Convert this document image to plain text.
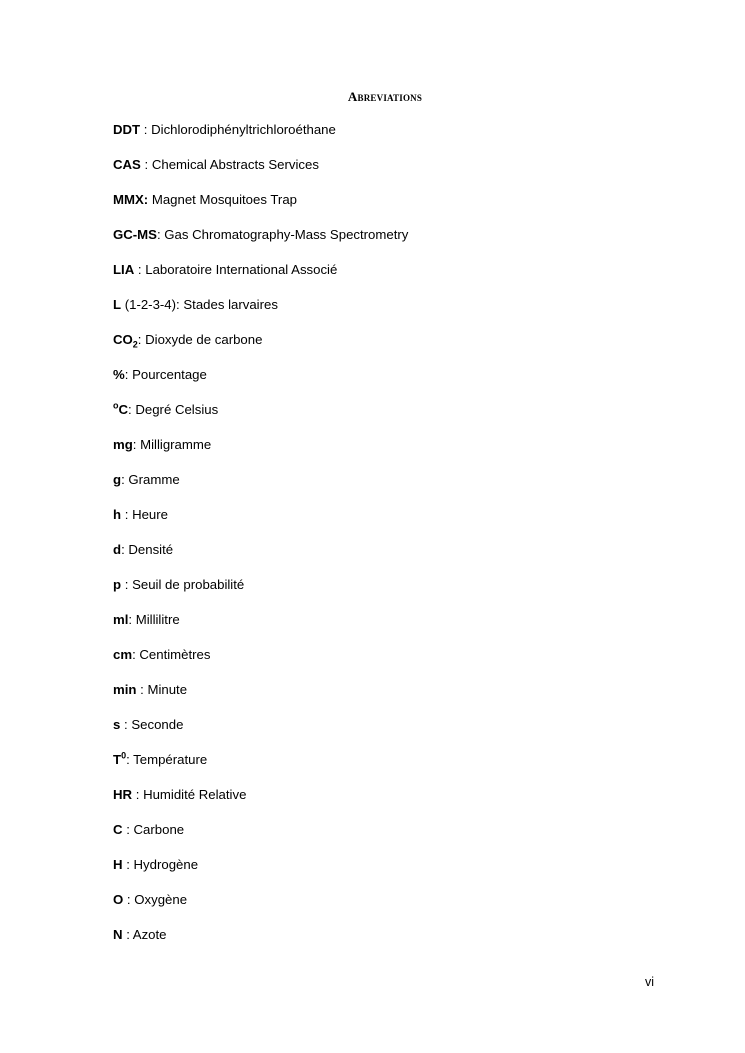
Abreviations
DDT : Dichlorodiphényltrichloroéthane
CAS : Chemical Abstracts Services
MMX: Magnet Mosquitoes Trap
GC-MS: Gas Chromatography-Mass Spectrometry
LIA : Laboratoire International Associé
L (1-2-3-4): Stades larvaires
$CO_2$: Dioxyde de carbone
%: Pourcentage
$^o$C: Degré Celsius
mg: Milligramme
g: Gramme
h : Heure
d: Densité
p : Seuil de probabilité
ml: Millilitre
cm: Centimètres
min : Minute
s : Seconde
$T^0$: Température
HR : Humidité Relative
C : Carbone
H : Hydrogène
O : Oxygène
N : Azote

vi
